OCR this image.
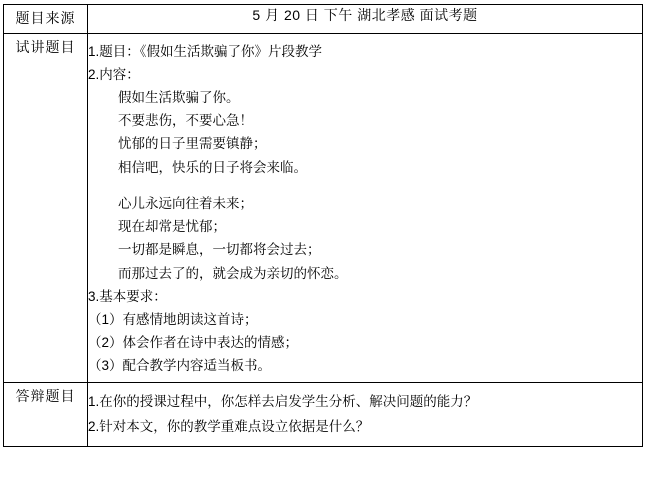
题目来源	5 月 20 日 下午 湖北孝感 面试考题

试讲题目	1.题目：《假如生活欺骗了你》片段教学
2.内容：
假如生活欺骗了你。
不要悲伤，不要心急！
忧郁的日子里需要镇静；
相信吧，快乐的日子将会来临。
心儿永远向往着未来；
现在却常是忧郁；
一切都是瞬息，一切都将会过去；
而那过去了的，就会成为亲切的怀恋。
3.基本要求：
（1）有感情地朗读这首诗；
（2）体会作者在诗中表达的情感；
（3）配合教学内容适当板书。

答辩题目	1.在你的授课过程中，你怎样去启发学生分析、解决问题的能力？
2.针对本文，你的教学重难点设立依据是什么？
